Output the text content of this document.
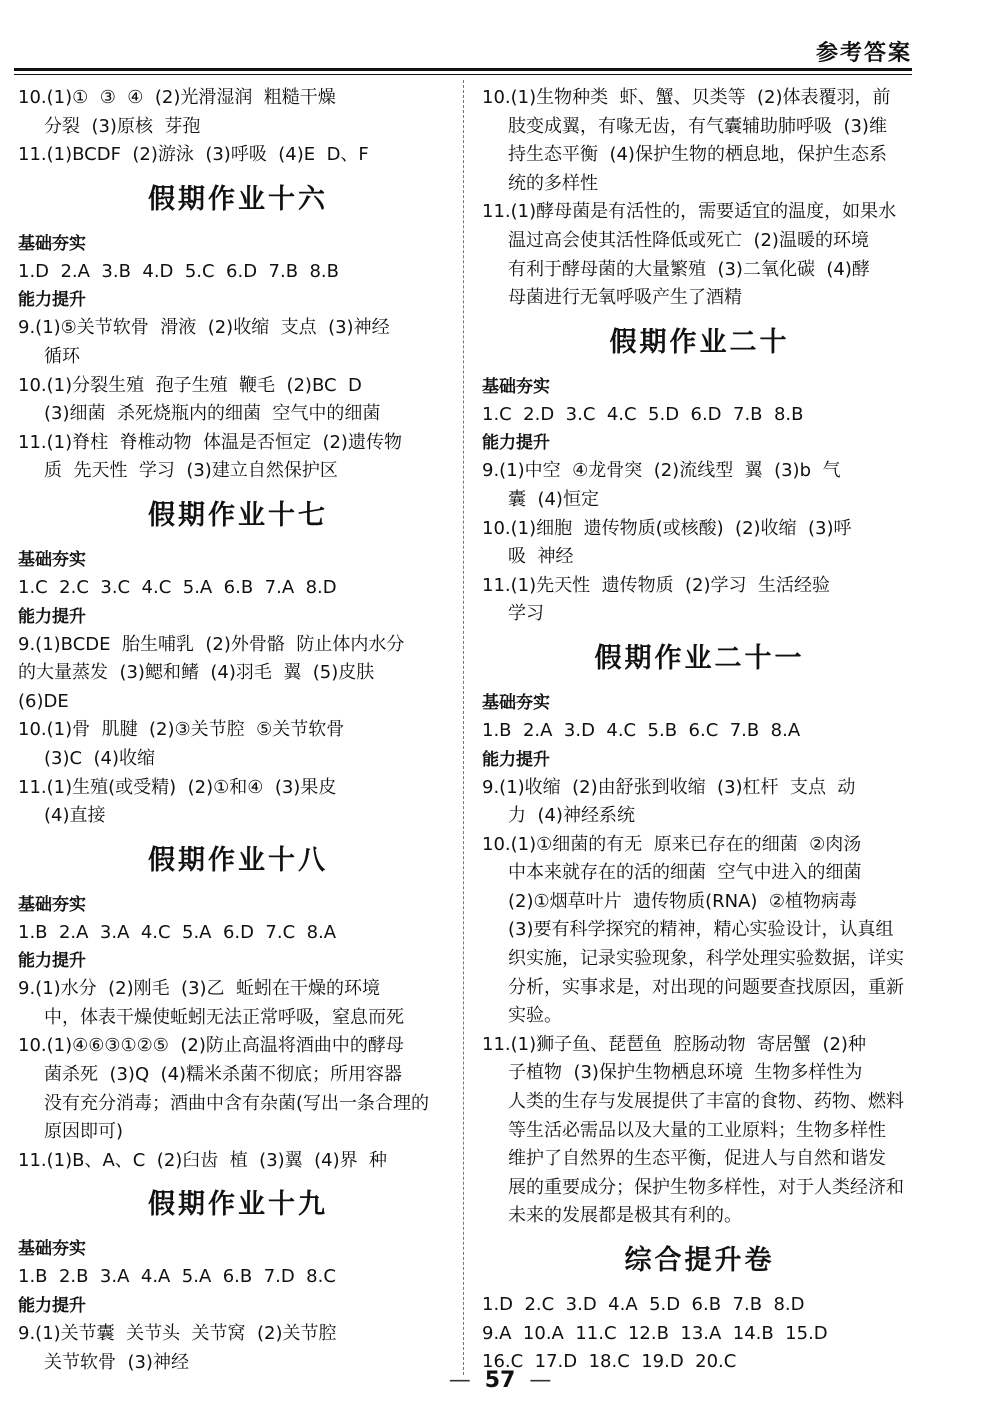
参考答案
10.(1)①  ③  ④  (2)光滑湿润  粗糙干燥
分裂  (3)原核  芽孢
11.(1)BCDF  (2)游泳  (3)呼吸  (4)E  D、F
假期作业十六
基础夯实
1.D  2.A  3.B  4.D  5.C  6.D  7.B  8.B
能力提升
9.(1)⑤关节软骨  滑液  (2)收缩  支点  (3)神经
循环
10.(1)分裂生殖  孢子生殖  鞭毛  (2)BC  D
(3)细菌  杀死烧瓶内的细菌  空气中的细菌
11.(1)脊柱  脊椎动物  体温是否恒定  (2)遗传物
质  先天性  学习  (3)建立自然保护区
假期作业十七
基础夯实
1.C  2.C  3.C  4.C  5.A  6.B  7.A  8.D
能力提升
9.(1)BCDE  胎生哺乳  (2)外骨骼  防止体内水分
的大量蒸发  (3)鳃和鳍  (4)羽毛  翼  (5)皮肤
(6)DE
10.(1)骨  肌腱  (2)③关节腔  ⑤关节软骨
(3)C  (4)收缩
11.(1)生殖(或受精)  (2)①和④  (3)果皮
(4)直接
假期作业十八
基础夯实
1.B  2.A  3.A  4.C  5.A  6.D  7.C  8.A
能力提升
9.(1)水分  (2)刚毛  (3)乙  蚯蚓在干燥的环境
中，体表干燥使蚯蚓无法正常呼吸，窒息而死
10.(1)④⑥③①②⑤  (2)防止高温将酒曲中的酵母
菌杀死  (3)Q  (4)糯米杀菌不彻底；所用容器
没有充分消毒；酒曲中含有杂菌(写出一条合理的
原因即可)
11.(1)B、A、C  (2)臼齿  植  (3)翼  (4)界  种
假期作业十九
基础夯实
1.B  2.B  3.A  4.A  5.A  6.B  7.D  8.C
能力提升
9.(1)关节囊  关节头  关节窝  (2)关节腔
关节软骨  (3)神经
10.(1)生物种类  虾、蟹、贝类等  (2)体表覆羽，前
肢变成翼，有喙无齿，有气囊辅助肺呼吸  (3)维
持生态平衡  (4)保护生物的栖息地，保护生态系
统的多样性
11.(1)酵母菌是有活性的，需要适宜的温度，如果水
温过高会使其活性降低或死亡  (2)温暖的环境
有利于酵母菌的大量繁殖  (3)二氧化碳  (4)酵
母菌进行无氧呼吸产生了酒精
假期作业二十
基础夯实
1.C  2.D  3.C  4.C  5.D  6.D  7.B  8.B
能力提升
9.(1)中空  ④龙骨突  (2)流线型  翼  (3)b  气
囊  (4)恒定
10.(1)细胞  遗传物质(或核酸)  (2)收缩  (3)呼
吸  神经
11.(1)先天性  遗传物质  (2)学习  生活经验
学习
假期作业二十一
基础夯实
1.B  2.A  3.D  4.C  5.B  6.C  7.B  8.A
能力提升
9.(1)收缩  (2)由舒张到收缩  (3)杠杆  支点  动
力  (4)神经系统
10.(1)①细菌的有无  原来已存在的细菌  ②肉汤
中本来就存在的活的细菌  空气中进入的细菌
(2)①烟草叶片  遗传物质(RNA)  ②植物病毒
(3)要有科学探究的精神，精心实验设计，认真组
织实施，记录实验现象，科学处理实验数据，详实
分析，实事求是，对出现的问题要查找原因，重新
实验。
11.(1)狮子鱼、琵琶鱼  腔肠动物  寄居蟹  (2)种
子植物  (3)保护生物栖息环境  生物多样性为
人类的生存与发展提供了丰富的食物、药物、燃料
等生活必需品以及大量的工业原料；生物多样性
维护了自然界的生态平衡，促进人与自然和谐发
展的重要成分；保护生物多样性，对于人类经济和
未来的发展都是极其有利的。
综合提升卷
1.D  2.C  3.D  4.A  5.D  6.B  7.B  8.D
9.A  10.A  11.C  12.B  13.A  14.B  15.D
16.C  17.D  18.C  19.D  20.C
— 57 —
